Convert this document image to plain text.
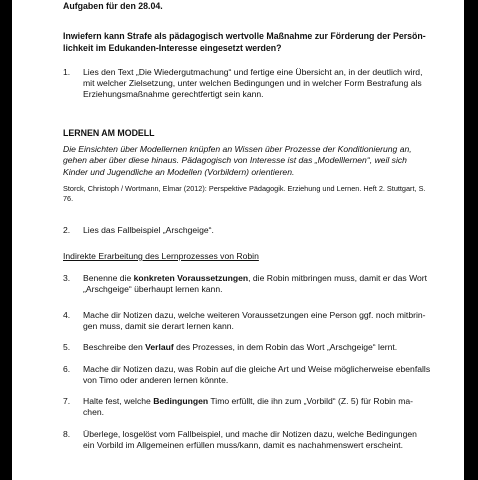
Aufgaben für den 28.04.
Inwiefern kann Strafe als pädagogisch wertvolle Maßnahme zur Förderung der Persön-
lichkeit im Edukanden-Interesse eingesetzt werden?
1.	Lies den Text „Die Wiedergutmachung“ und fertige eine Übersicht an, in der deutlich wird,
mit welcher Zielsetzung, unter welchen Bedingungen und in welcher Form Bestrafung als
Erziehungsmaßnahme gerechtfertigt sein kann.
LERNEN AM MODELL
Die Einsichten über Modellernen knüpfen an Wissen über Prozesse der Konditionierung an,
gehen aber über diese hinaus. Pädagogisch von Interesse ist das „Modelllernen“, weil sich
Kinder und Jugendliche an Modellen (Vorbildern) orientieren.
Storck, Christoph / Wortmann, Elmar (2012): Perspektive Pädagogik. Erziehung und Lernen. Heft 2. Stuttgart, S.
76.
2.	Lies das Fallbeispiel „Arschgeige“.
Indirekte Erarbeitung des Lernprozesses von Robin
3.	Benenne die konkreten Voraussetzungen, die Robin mitbringen muss, damit er das Wort
„Arschgeige“ überhaupt lernen kann.
4.	Mache dir Notizen dazu, welche weiteren Voraussetzungen eine Person ggf. noch mitbrin-
gen muss, damit sie derart lernen kann.
5.	Beschreibe den Verlauf des Prozesses, in dem Robin das Wort „Arschgeige“ lernt.
6.	Mache dir Notizen dazu, was Robin auf die gleiche Art und Weise möglicherweise ebenfalls
von Timo oder anderen lernen könnte.
7.	Halte fest, welche Bedingungen Timo erfüllt, die ihn zum „Vorbild“ (Z. 5) für Robin ma-
chen.
8.	Überlege, losgelöst vom Fallbeispiel, und mache dir Notizen dazu, welche Bedingungen
ein Vorbild im Allgemeinen erfüllen muss/kann, damit es nachahmenswert erscheint.
